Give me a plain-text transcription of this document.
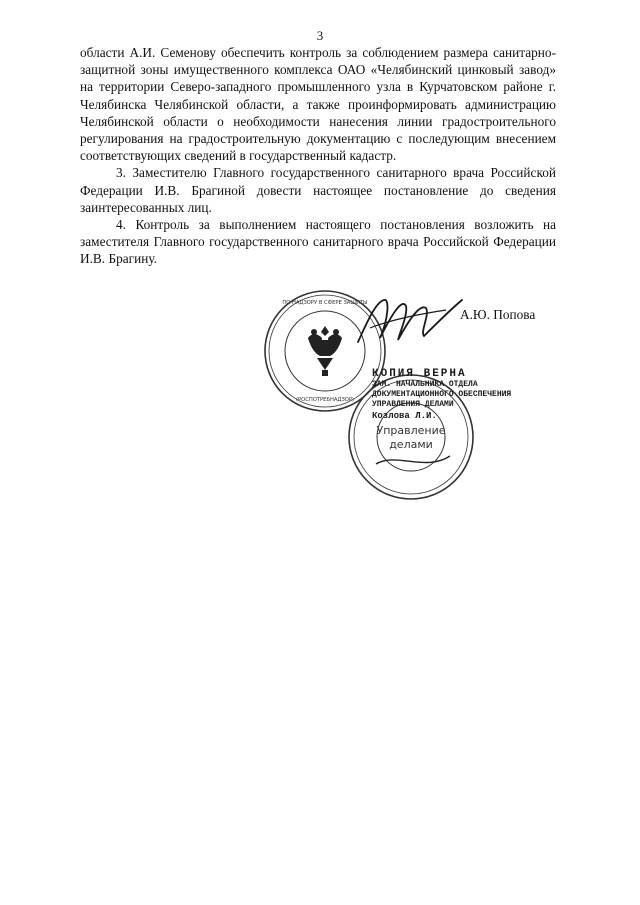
3

области А.И. Семенову обеспечить контроль за соблюдением размера санитарно-защитной зоны имущественного комплекса ОАО «Челябинский цинковый завод» на территории Северо-западного промышленного узла в Курчатовском районе г. Челябинска Челябинской области, а также проинформировать администрацию Челябинской области о необходимости нанесения линии градостроительного регулирования на градостроительную документацию с последующим внесением соответствующих сведений в государственный кадастр.

3. Заместителю Главного государственного санитарного врача Российской Федерации И.В. Брагиной довести настоящее постановление до сведения заинтересованных лиц.

4. Контроль за выполнением настоящего постановления возложить на заместителя Главного государственного санитарного врача Российской Федерации И.В. Брагину.

ПО НАДЗОРУ В СФЕРЕ ЗАЩИТЫ
(РОСПОТРЕБНАДЗОР)
А.Ю. Попова
Управление
делами
КОПИЯ ВЕРНА
ЗАМ. НАЧАЛЬНИКА ОТДЕЛА
ДОКУМЕНТАЦИОННОГО ОБЕСПЕЧЕНИЯ
УПРАВЛЕНИЯ ДЕЛАМИ
Козлова Л.И.
